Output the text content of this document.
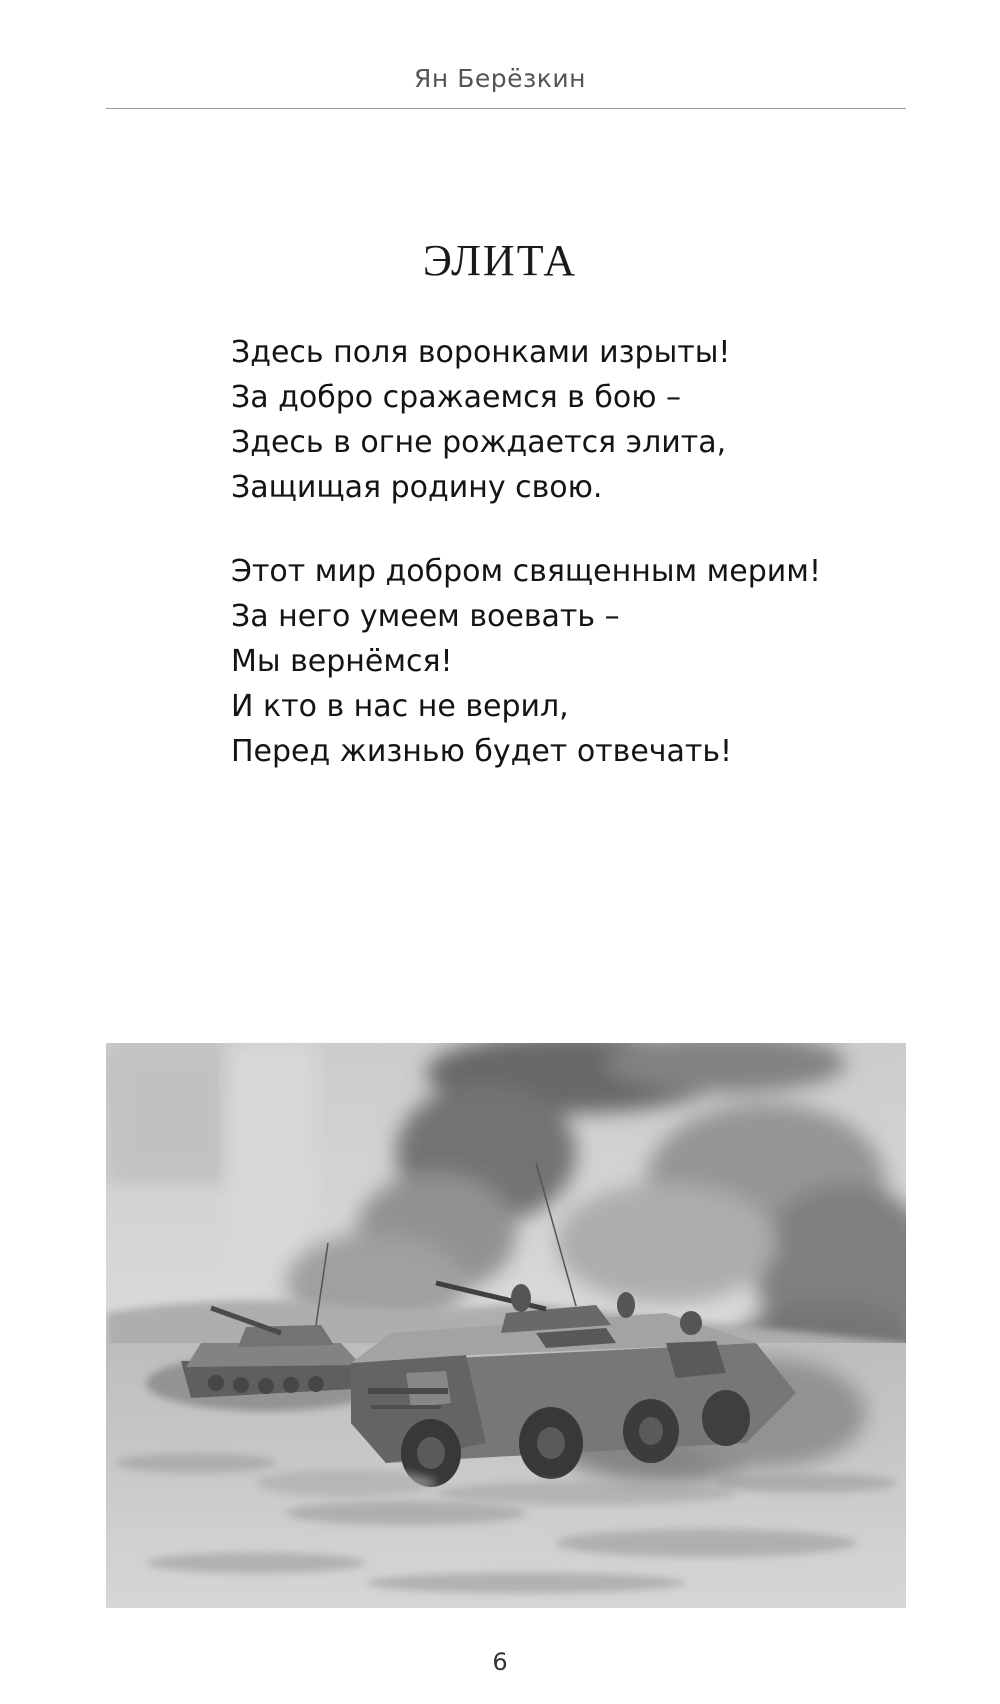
Ян Берёзкин
ЭЛИТА
Здесь поля воронками изрыты!
За добро сражаемся в бою –
Здесь в огне рождается элита,
Защищая родину свою.
Этот мир добром священным мерим!
За него умеем воевать –
Мы вернёмся!
И кто в нас не верил,
Перед жизнью будет отвечать!
6
